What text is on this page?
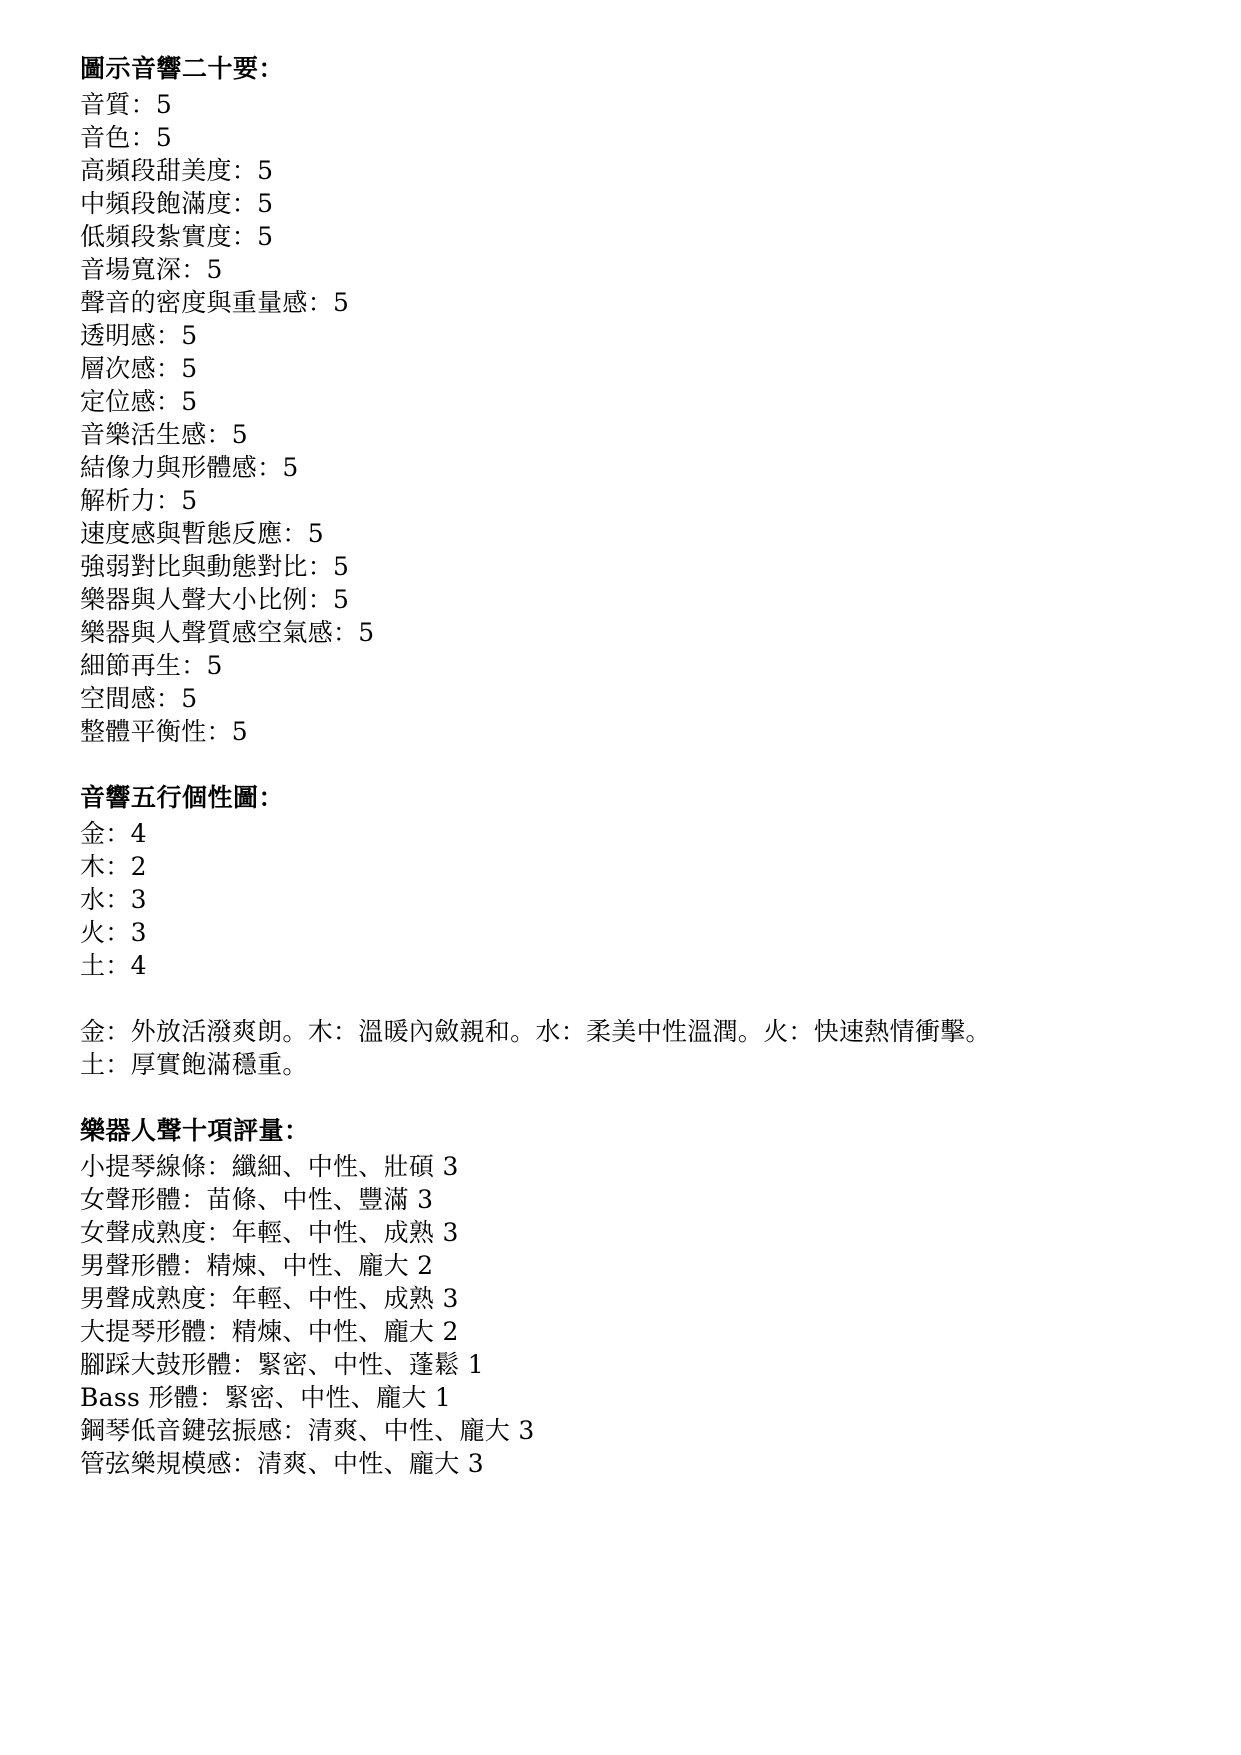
圖示音響二十要：
音質：5
音色：5
高頻段甜美度：5
中頻段飽滿度：5
低頻段紮實度：5
音場寬深：5
聲音的密度與重量感：5
透明感：5
層次感：5
定位感：5
音樂活生感：5
結像力與形體感：5
解析力：5
速度感與暫態反應：5
強弱對比與動態對比：5
樂器與人聲大小比例：5
樂器與人聲質感空氣感：5
細節再生：5
空間感：5
整體平衡性：5
音響五行個性圖：
金：4
木：2
水：3
火：3
土：4
金：外放活潑爽朗。木：溫暖內斂親和。水：柔美中性溫潤。火：快速熱情衝擊。
土：厚實飽滿穩重。
樂器人聲十項評量：
小提琴線條：纖細、中性、壯碩 3
女聲形體：苗條、中性、豐滿 3
女聲成熟度：年輕、中性、成熟 3
男聲形體：精煉、中性、龐大 2
男聲成熟度：年輕、中性、成熟 3
大提琴形體：精煉、中性、龐大 2
腳踩大鼓形體：緊密、中性、蓬鬆 1
Bass 形體：緊密、中性、龐大 1
鋼琴低音鍵弦振感：清爽、中性、龐大 3
管弦樂規模感：清爽、中性、龐大 3
